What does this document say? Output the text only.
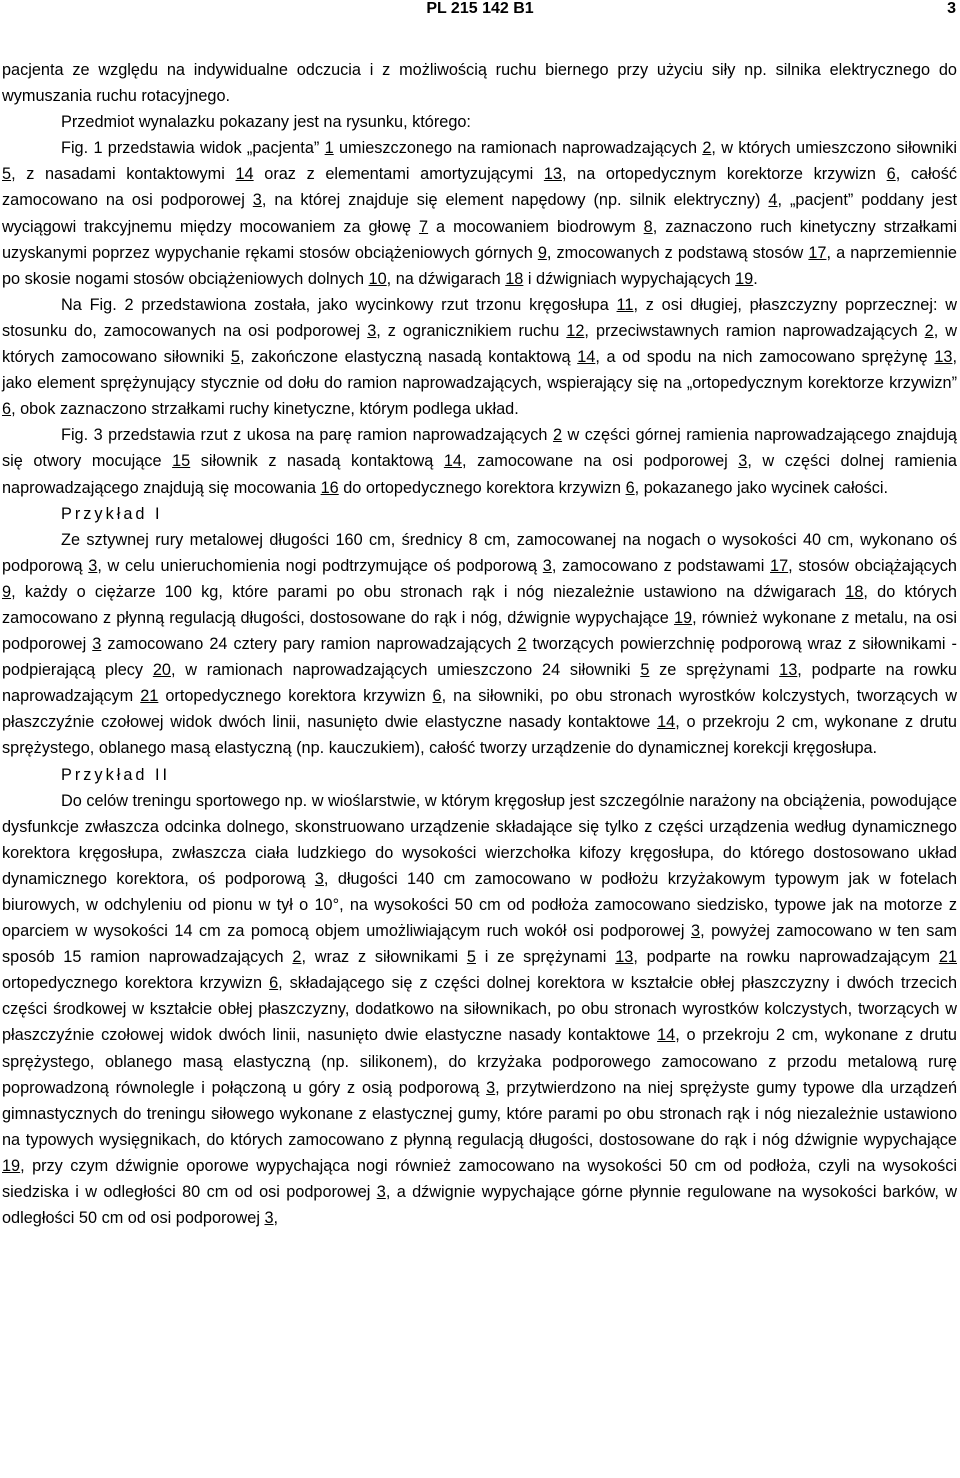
PL 215 142 B1	3

pacjenta ze względu na indywidualne odczucia i z możliwością ruchu biernego przy użyciu siły np. silnika elektrycznego do wymuszania ruchu rotacyjnego.

Przedmiot wynalazku pokazany jest na rysunku, którego:

Fig. 1 przedstawia widok „pacjenta” 1 umieszczonego na ramionach naprowadzających 2, w których umieszczono siłowniki 5, z nasadami kontaktowymi 14 oraz z elementami amortyzującymi 13, na ortopedycznym korektorze krzywizn 6, całość zamocowano na osi podporowej 3, na której znajduje się element napędowy (np. silnik elektryczny) 4, „pacjent” poddany jest wyciągowi trakcyjnemu między mocowaniem za głowę 7 a mocowaniem biodrowym 8, zaznaczono ruch kinetyczny strzałkami uzyskanymi poprzez wypychanie rękami stosów obciążeniowych górnych 9, zmocowanych z podstawą stosów 17, a naprzemiennie po skosie nogami stosów obciążeniowych dolnych 10, na dźwigarach 18 i dźwigniach wypychających 19.

Na Fig. 2 przedstawiona została, jako wycinkowy rzut trzonu kręgosłupa 11, z osi długiej, płaszczyzny poprzecznej: w stosunku do, zamocowanych na osi podporowej 3, z ogranicznikiem ruchu 12, przeciwstawnych ramion naprowadzających 2, w których zamocowano siłowniki 5, zakończone elastyczną nasadą kontaktową 14, a od spodu na nich zamocowano sprężynę 13, jako element sprężynujący stycznie od dołu do ramion naprowadzających, wspierający się na „ortopedycznym korektorze krzywizn” 6, obok zaznaczono strzałkami ruchy kinetyczne, którym podlega układ.

Fig. 3 przedstawia rzut z ukosa na parę ramion naprowadzających 2 w części górnej ramienia naprowadzającego znajdują się otwory mocujące 15 siłownik z nasadą kontaktową 14, zamocowane na osi podporowej 3, w części dolnej ramienia naprowadzającego znajdują się mocowania 16 do ortopedycznego korektora krzywizn 6, pokazanego jako wycinek całości.

Przykład I

Ze sztywnej rury metalowej długości 160 cm, średnicy 8 cm, zamocowanej na nogach o wysokości 40 cm, wykonano oś podporową 3, w celu unieruchomienia nogi podtrzymujące oś podporową 3, zamocowano z podstawami 17, stosów obciążających 9, każdy o ciężarze 100 kg, które parami po obu stronach rąk i nóg niezależnie ustawiono na dźwigarach 18, do których zamocowano z płynną regulacją długości, dostosowane do rąk i nóg, dźwignie wypychające 19, również wykonane z metalu, na osi podporowej 3 zamocowano 24 cztery pary ramion naprowadzających 2 tworzących powierzchnię podporową wraz z siłownikami - podpierającą plecy 20, w ramionach naprowadzających umieszczono 24 siłowniki 5 ze sprężynami 13, podparte na rowku naprowadzającym 21 ortopedycznego korektora krzywizn 6, na siłowniki, po obu stronach wyrostków kolczystych, tworzących w płaszczyźnie czołowej widok dwóch linii, nasunięto dwie elastyczne nasady kontaktowe 14, o przekroju 2 cm, wykonane z drutu sprężystego, oblanego masą elastyczną (np. kauczukiem), całość tworzy urządzenie do dynamicznej korekcji kręgosłupa.

Przykład II

Do celów treningu sportowego np. w wioślarstwie, w którym kręgosłup jest szczególnie narażony na obciążenia, powodujące dysfunkcje zwłaszcza odcinka dolnego, skonstruowano urządzenie składające się tylko z części urządzenia według dynamicznego korektora kręgosłupa, zwłaszcza ciała ludzkiego do wysokości wierzchołka kifozy kręgosłupa, do którego dostosowano układ dynamicznego korektora, oś podporową 3, długości 140 cm zamocowano w podłożu krzyżakowym typowym jak w fotelach biurowych, w odchyleniu od pionu w tył o 10°, na wysokości 50 cm od podłoża zamocowano siedzisko, typowe jak na motorze z oparciem w wysokości 14 cm za pomocą objem umożliwiającym ruch wokół osi podporowej 3, powyżej zamocowano w ten sam sposób 15 ramion naprowadzających 2, wraz z siłownikami 5 i ze sprężynami 13, podparte na rowku naprowadzającym 21 ortopedycznego korektora krzywizn 6, składającego się z części dolnej korektora w kształcie obłej płaszczyzny i dwóch trzecich części środkowej w kształcie obłej płaszczyzny, dodatkowo na siłownikach, po obu stronach wyrostków kolczystych, tworzących w płaszczyźnie czołowej widok dwóch linii, nasunięto dwie elastyczne nasady kontaktowe 14, o przekroju 2 cm, wykonane z drutu sprężystego, oblanego masą elastyczną (np. silikonem), do krzyżaka podporowego zamocowano z przodu metalową rurę poprowadzoną równolegle i połączoną u góry z osią podporową 3, przytwierdzono na niej sprężyste gumy typowe dla urządzeń gimnastycznych do treningu siłowego wykonane z elastycznej gumy, które parami po obu stronach rąk i nóg niezależnie ustawiono na typowych wysięgnikach, do których zamocowano z płynną regulacją długości, dostosowane do rąk i nóg dźwignie wypychające 19, przy czym dźwignie oporowe wypychająca nogi również zamocowano na wysokości 50 cm od podłoża, czyli na wysokości siedziska i w odległości 80 cm od osi podporowej 3, a dźwignie wypychające górne płynnie regulowane na wysokości barków, w odległości 50 cm od osi podporowej 3,
